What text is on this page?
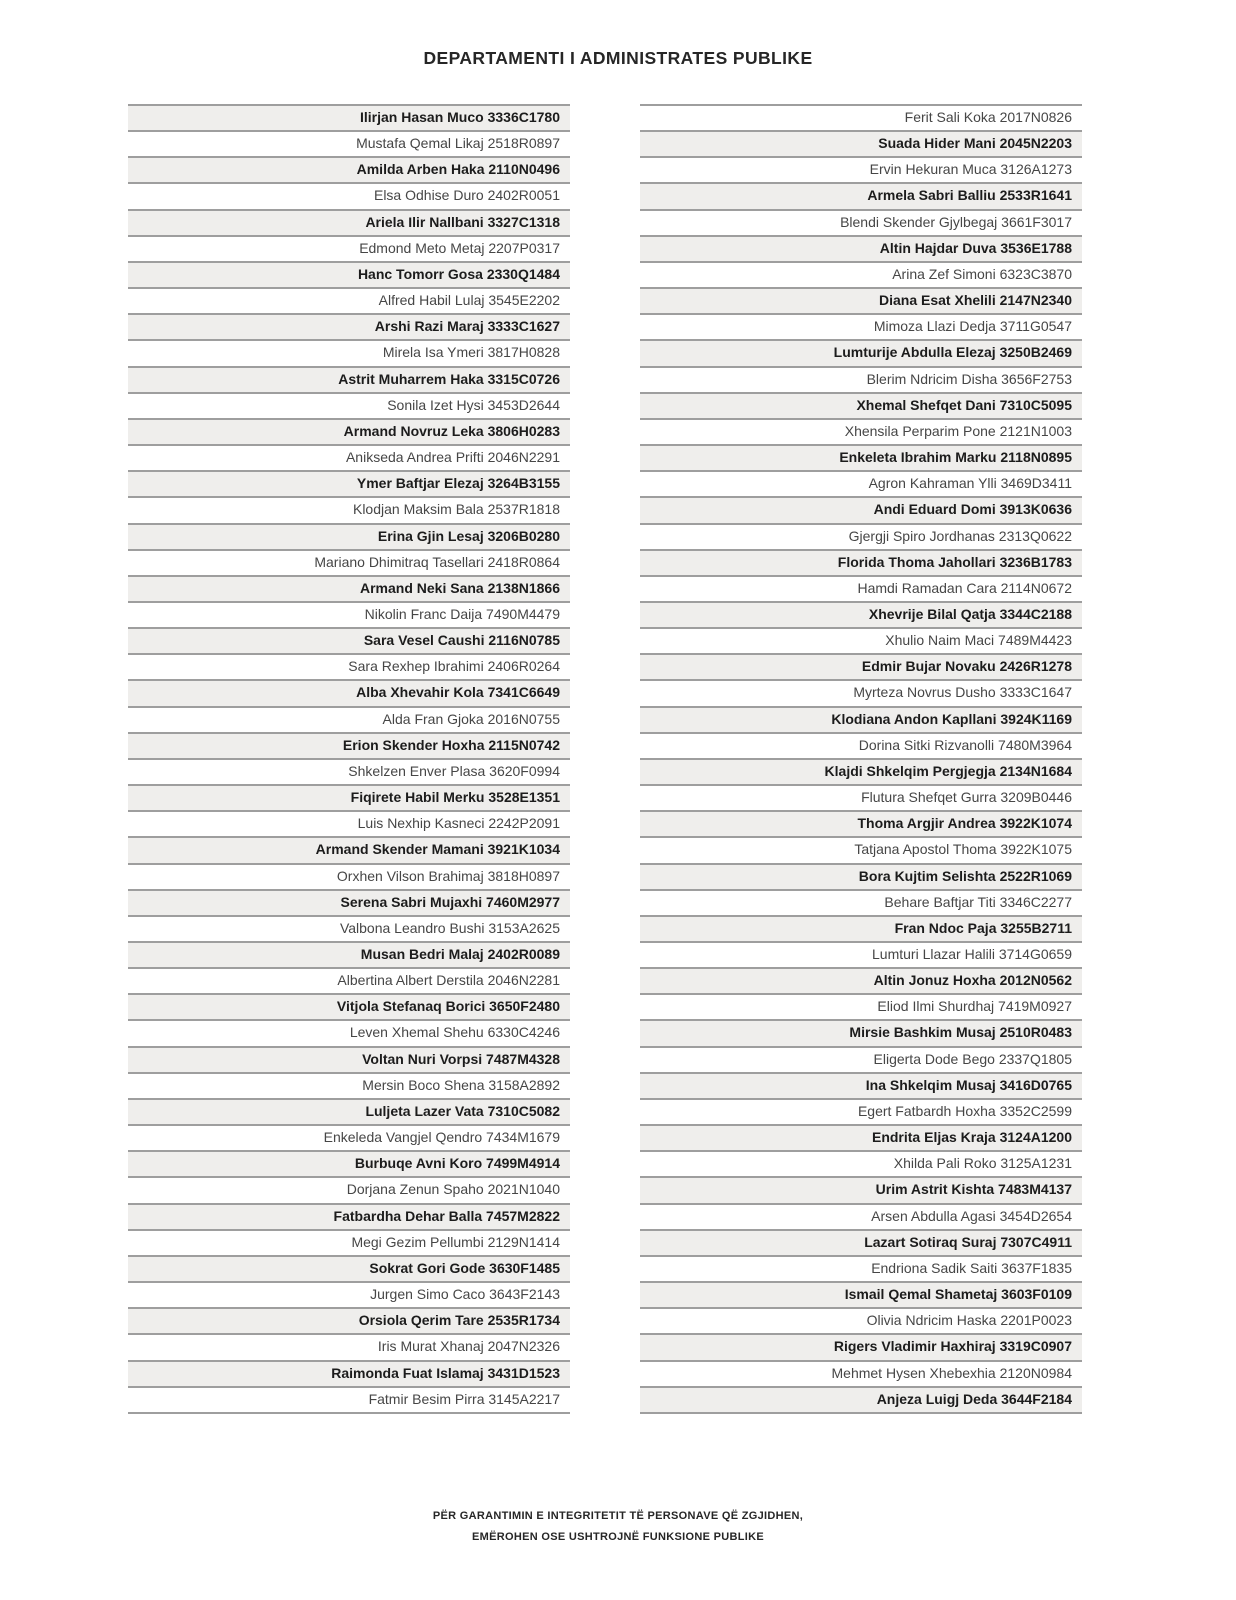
DEPARTAMENTI I ADMINISTRATES PUBLIKE
Ilirjan Hasan Muco 3336C1780
Mustafa Qemal Likaj 2518R0897
Amilda Arben Haka 2110N0496
Elsa Odhise Duro 2402R0051
Ariela Ilir Nallbani 3327C1318
Edmond Meto Metaj 2207P0317
Hanc Tomorr Gosa 2330Q1484
Alfred Habil Lulaj 3545E2202
Arshi Razi Maraj 3333C1627
Mirela Isa Ymeri 3817H0828
Astrit Muharrem Haka 3315C0726
Sonila Izet Hysi 3453D2644
Armand Novruz Leka 3806H0283
Anikseda Andrea Prifti 2046N2291
Ymer Baftjar Elezaj 3264B3155
Klodjan Maksim Bala 2537R1818
Erina Gjin Lesaj 3206B0280
Mariano Dhimitraq Tasellari 2418R0864
Armand Neki Sana 2138N1866
Nikolin Franc Daija 7490M4479
Sara Vesel Caushi 2116N0785
Sara Rexhep Ibrahimi 2406R0264
Alba Xhevahir Kola 7341C6649
Alda Fran Gjoka 2016N0755
Erion Skender Hoxha 2115N0742
Shkelzen Enver Plasa 3620F0994
Fiqirete Habil Merku 3528E1351
Luis Nexhip Kasneci 2242P2091
Armand Skender Mamani 3921K1034
Orxhen Vilson Brahimaj 3818H0897
Serena Sabri Mujaxhi 7460M2977
Valbona Leandro Bushi 3153A2625
Musan Bedri Malaj 2402R0089
Albertina Albert Derstila 2046N2281
Vitjola Stefanaq Borici 3650F2480
Leven Xhemal Shehu 6330C4246
Voltan Nuri Vorpsi 7487M4328
Mersin Boco Shena 3158A2892
Luljeta Lazer Vata 7310C5082
Enkeleda Vangjel Qendro 7434M1679
Burbuqe Avni Koro 7499M4914
Dorjana Zenun Spaho 2021N1040
Fatbardha Dehar Balla 7457M2822
Megi Gezim Pellumbi 2129N1414
Sokrat Gori Gode 3630F1485
Jurgen Simo Caco 3643F2143
Orsiola Qerim Tare 2535R1734
Iris Murat Xhanaj 2047N2326
Raimonda Fuat Islamaj 3431D1523
Fatmir Besim Pirra 3145A2217
Ferit Sali Koka 2017N0826
Suada Hider Mani 2045N2203
Ervin Hekuran Muca 3126A1273
Armela Sabri Balliu 2533R1641
Blendi Skender Gjylbegaj 3661F3017
Altin Hajdar Duva 3536E1788
Arina Zef Simoni 6323C3870
Diana Esat Xhelili 2147N2340
Mimoza Llazi Dedja 3711G0547
Lumturije Abdulla Elezaj 3250B2469
Blerim Ndricim Disha 3656F2753
Xhemal Shefqet Dani 7310C5095
Xhensila Perparim Pone 2121N1003
Enkeleta Ibrahim Marku 2118N0895
Agron Kahraman Ylli 3469D3411
Andi Eduard Domi 3913K0636
Gjergji Spiro Jordhanas 2313Q0622
Florida Thoma Jahollari 3236B1783
Hamdi Ramadan Cara 2114N0672
Xhevrije Bilal Qatja 3344C2188
Xhulio Naim Maci 7489M4423
Edmir Bujar Novaku 2426R1278
Myrteza Novrus Dusho 3333C1647
Klodiana Andon Kapllani 3924K1169
Dorina Sitki Rizvanolli 7480M3964
Klajdi Shkelqim Pergjegja 2134N1684
Flutura Shefqet Gurra 3209B0446
Thoma Argjir Andrea 3922K1074
Tatjana Apostol Thoma 3922K1075
Bora Kujtim Selishta 2522R1069
Behare Baftjar Titi 3346C2277
Fran Ndoc Paja 3255B2711
Lumturi Llazar Halili 3714G0659
Altin Jonuz Hoxha 2012N0562
Eliod Ilmi Shurdhaj 7419M0927
Mirsie Bashkim Musaj 2510R0483
Eligerta Dode Bego 2337Q1805
Ina Shkelqim Musaj 3416D0765
Egert Fatbardh Hoxha 3352C2599
Endrita Eljas Kraja 3124A1200
Xhilda Pali Roko 3125A1231
Urim Astrit Kishta 7483M4137
Arsen Abdulla Agasi 3454D2654
Lazart Sotiraq Suraj 7307C4911
Endriona Sadik Saiti 3637F1835
Ismail Qemal Shametaj 3603F0109
Olivia Ndricim Haska 2201P0023
Rigers Vladimir Haxhiraj 3319C0907
Mehmet Hysen Xhebexhia 2120N0984
Anjeza Luigj Deda 3644F2184
PËR GARANTIMIN E INTEGRITETIT TË PERSONAVE QË ZGJIDHEN,
EMËROHEN OSE USHTROJNË FUNKSIONE PUBLIKE
